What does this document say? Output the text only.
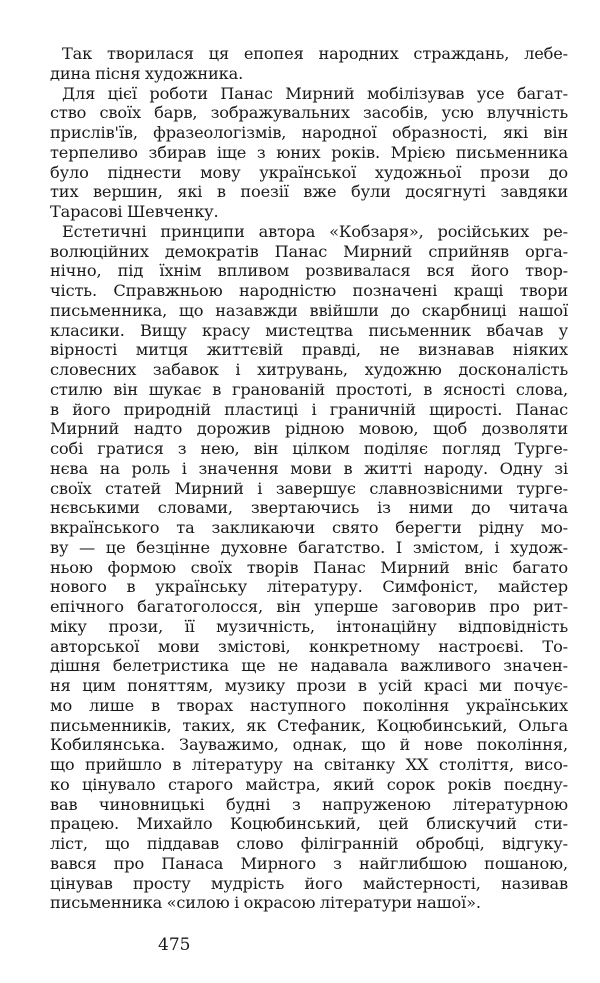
Так творилася ця епопея народних страждань, лебе-
дина пісня художника.
Для цієї роботи Панас Мирний мобілізував усе багат-
ство своїх барв, зображувальних засобів, усю влучність
прислів'їв, фразеологізмів, народної образності, які він
терпеливо збирав іще з юних років. Мрією письменника
було піднести мову української художньої прози до
тих вершин, які в поезії вже були досягнуті завдяки
Тарасові Шевченку.
Естетичні принципи автора «Кобзаря», російських ре-
волюційних демократів Панас Мирний сприйняв орга-
нічно, під їхнім впливом розвивалася вся його твор-
чість. Справжньою народністю позначені кращі твори
письменника, що назавжди ввійшли до скарбниці нашої
класики. Вищу красу мистецтва письменник вбачав у
вірності митця життєвій правді, не визнавав ніяких
словесних забавок і хитрувань, художню досконалість
стилю він шукає в гранованій простоті, в ясності слова,
в його природній пластиці і граничній щирості. Панас
Мирний надто дорожив рідною мовою, щоб дозволяти
собі гратися з нею, він цілком поділяє погляд Турге-
нєва на роль і значення мови в житті народу. Одну зі
своїх статей Мирний і завершує славнозвісними турге-
нєвськими словами, звертаючись із ними до читача
вкраїнського та закликаючи свято берегти рідну мо-
ву — це безцінне духовне багатство. І змістом, і худож-
ньою формою своїх творів Панас Мирний вніс багато
нового в українську літературу. Симфоніст, майстер
епічного багатоголосся, він уперше заговорив про рит-
міку прози, її музичність, інтонаційну відповідність
авторської мови змістові, конкретному настроєві. То-
дішня белетристика ще не надавала важливого значен-
ня цим поняттям, музику прози в усій красі ми почує-
мо лише в творах наступного покоління українських
письменників, таких, як Стефаник, Коцюбинський, Ольга
Кобилянська. Зауважимо, однак, що й нове покоління,
що прийшло в літературу на світанку XX століття, висо-
ко цінувало старого майстра, який сорок років поєдну-
вав чиновницькі будні з напруженою літературною
працею. Михайло Коцюбинський, цей блискучий сти-
ліст, що піддавав слово філігранній обробці, відгуку-
вався про Панаса Мирного з найглибшою пошаною,
цінував просту мудрість його майстерності, називав
письменника «силою і окрасою літератури нашої».
475
